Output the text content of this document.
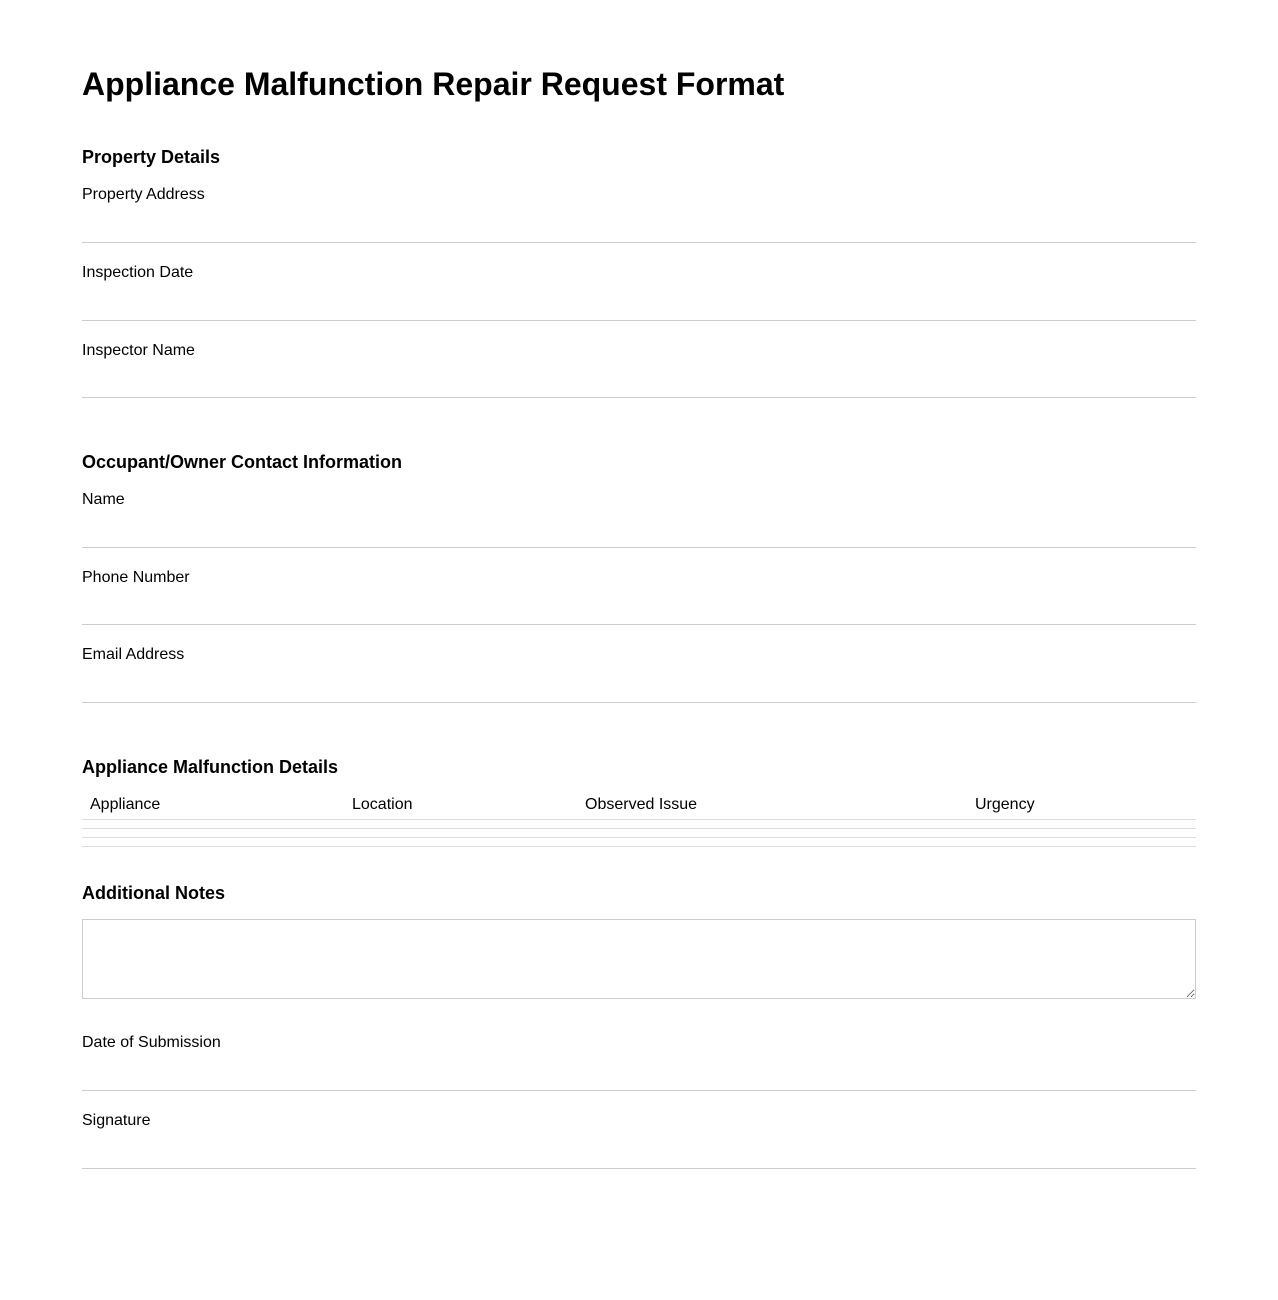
Appliance Malfunction Repair Request Format
Property Details
Property Address
Inspection Date
Inspector Name
Occupant/Owner Contact Information
Name
Phone Number
Email Address
Appliance Malfunction Details
Appliance	Location	Observed Issue	Urgency
Additional Notes
Date of Submission
Signature
